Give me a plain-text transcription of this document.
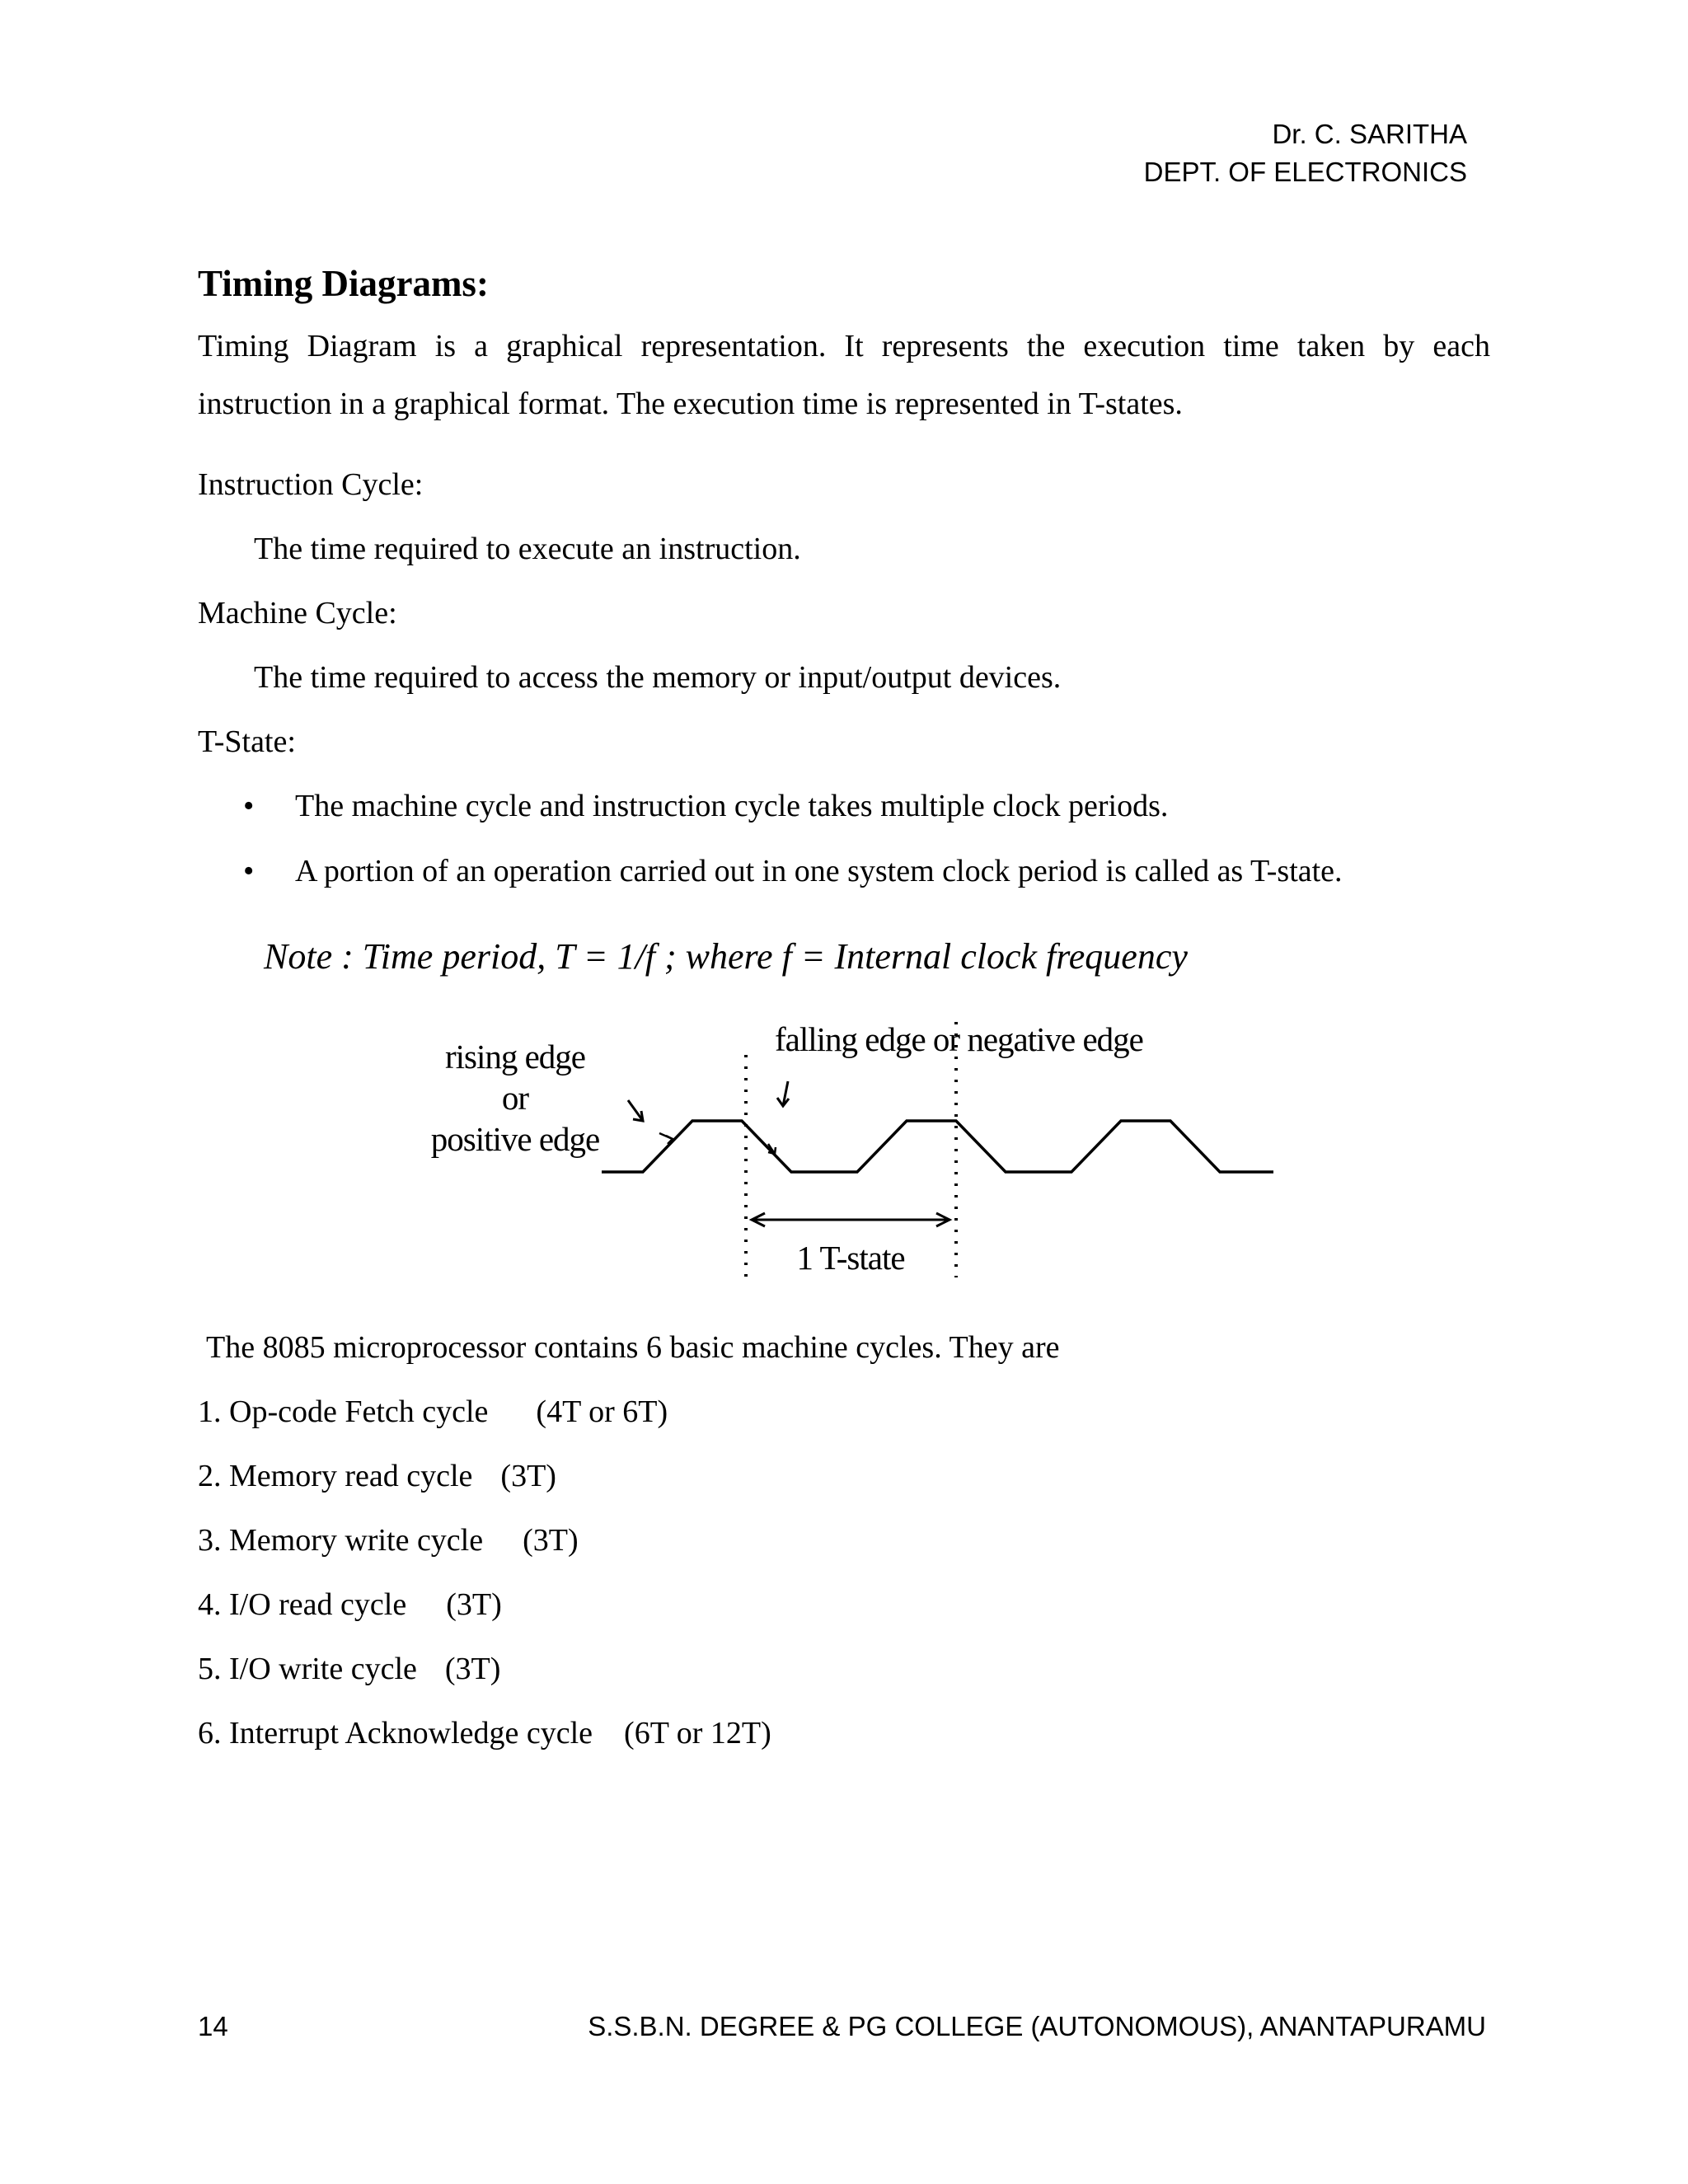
Dr. C. SARITHA
DEPT. OF ELECTRONICS
Timing Diagrams:

Timing Diagram is a graphical representation. It represents the execution time taken by each instruction in a graphical format. The execution time is represented in T-states.

Instruction Cycle:

The time required to execute an instruction.

Machine Cycle:

The time required to access the memory or input/output devices.

T-State:

• The machine cycle and instruction cycle takes multiple clock periods.
• A portion of an operation carried out in one system clock period is called as T-state.
Note : Time period, T = 1/f ; where f = Internal clock frequency
rising edge
or
positive edge
falling edge or negative edge
1 T-state

The 8085 microprocessor contains 6 basic machine cycles. They are

1. Op-code Fetch cycle (4T or 6T)

2. Memory read cycle (3T)

3. Memory write cycle (3T)

4. I/O read cycle (3T)

5. I/O write cycle (3T)

6. Interrupt Acknowledge cycle (6T or 12T)

14	S.S.B.N. DEGREE & PG COLLEGE (AUTONOMOUS), ANANTAPURAMU
